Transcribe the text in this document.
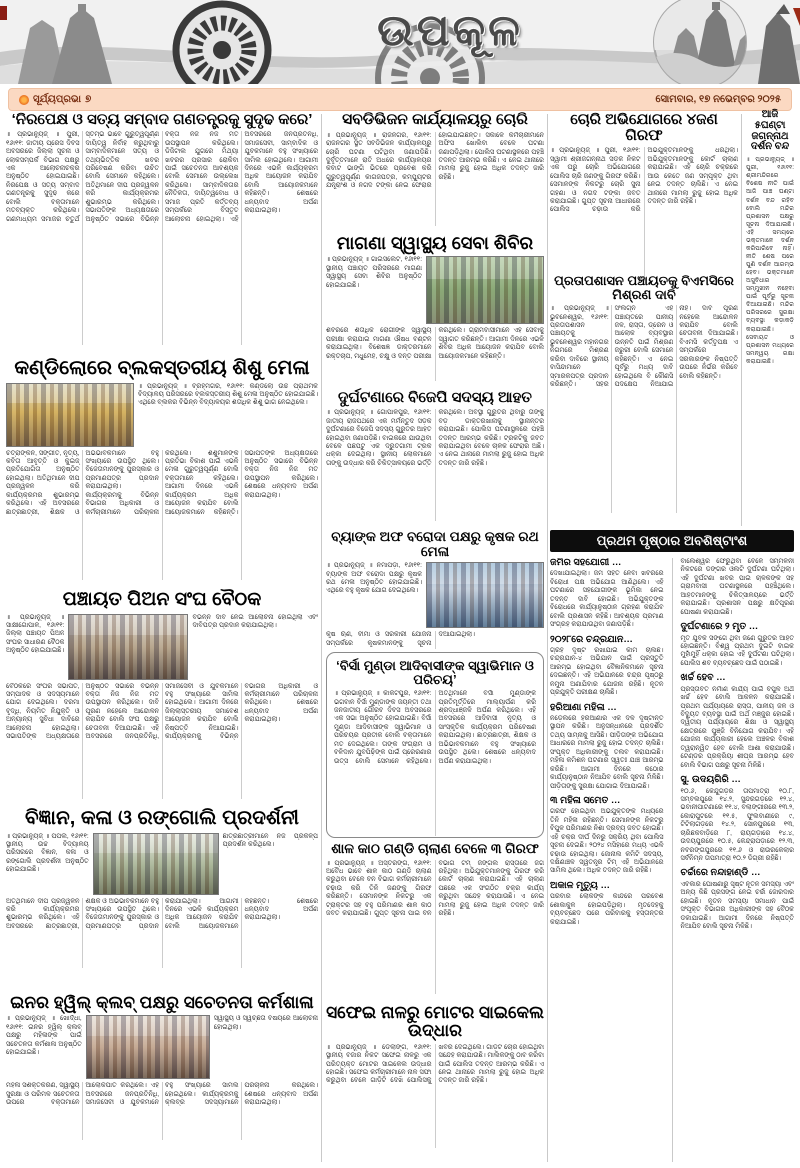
ଉପକୂଳ
ସୂର୍ଯ୍ୟପ୍ରଭା ୭	ସୋମବାର, ୧୭ ନଭେମ୍ବର ୨୦୨୫
‘ନିରପେକ୍ଷ ଓ ସତ୍ୟ ସମ୍ବାଦ ଗଣତନ୍ତ୍ରକୁ ସୁଦୃଢ କରେ’
॥ ପ୍ରଭାନ୍ୟୁଜ୍ ॥ ପୁରୀ, ୧୬ା୧୧: ଜାତୀୟ ପ୍ରେସ ଦିବସ ଅବସରରେ ଜିଲ୍ଲା ସୂଚନା ଓ ଲୋକସମ୍ପର୍କ ବିଭାଗ ପକ୍ଷରୁ ଏକ ଆଲୋଚନାଚକ୍ର ଅନୁଷ୍ଠିତ ହୋଇଯାଇଛି। ନିରପେକ୍ଷ ଓ ସତ୍ୟ ସମ୍ବାଦ ଗଣତନ୍ତ୍ରକୁ ସୁଦୃଢ କରେ ବୋଲି ବକ୍ତାମାନେ ମତବ୍ୟକ୍ତ କରିଥିଲେ। ଗଣମାଧ୍ୟମ ସମାଜର ଚତୁର୍ଥ ସ୍ତମ୍ଭ ଭାବେ ଗୁରୁତ୍ୱପୂର୍ଣ୍ଣ ଦାୟିତ୍ୱ ନିର୍ବାହ କରୁଥିବାରୁ ସାମ୍ବାଦିକମାନେ ସତ୍ୟ ଓ ତଥ୍ୟଭିତ୍ତିକ ଖବର ପରିବେଷଣ କରିବା ଉଚିତ ବୋଲି ସେମାନେ କହିଥିଲେ। ଅତିଥିମାନେ ଦୀପ ପ୍ରଜ୍ୱଳନ କରି କାର୍ଯ୍ୟକ୍ରମର ଶୁଭାରମ୍ଭ କରିଥିଲେ। ସଭାପତିଙ୍କ ଅଧ୍ୟକ୍ଷତାରେ ଅନୁଷ୍ଠିତ ସଭାରେ ବିଭିନ୍ନ ବକ୍ତା ନିଜ ନିଜ ମତ ଉପସ୍ଥାପନ କରିଥିଲେ। ଡିଜିଟାଲ ଯୁଗରେ ମିଥ୍ୟା ଖବରର ପ୍ରସାର ରୋକିବା ପାଇଁ ସଚେତନତା ଆବଶ୍ୟକ ବୋଲି ସେମାନେ ଉଲ୍ଲେଖ କରିଥିଲେ। ସାମ୍ବାଦିକତାର ନୈତିକତା, ଦାୟିତ୍ୱବୋଧ ଓ ସମାଜ ପ୍ରତି କର୍ତ୍ତବ୍ୟ ସମ୍ପର୍କରେ ବିସ୍ତୃତ ଆଲୋଚନା ହୋଇଥିଲା। ଏହି ଅବସରରେ ଜନପ୍ରତିନିଧି, ସମାଜସେବୀ, ସାମ୍ବାଦିକ ଓ ଯୁବକମାନେ ବହୁ ସଂଖ୍ୟାରେ ସାମିଲ ହୋଇଥିଲେ। ଆଗାମୀ ଦିନରେ ଏଭଳି କାର୍ଯ୍ୟକ୍ରମ ଅଧିକ ଆୟୋଜନ କରାଯିବ ବୋଲି ଆୟୋଜକମାନେ କହିଛନ୍ତି। ଶେଷରେ ଧନ୍ୟବାଦ ଅର୍ପଣ କରାଯାଇଥିଲା।
କଣ୍ଡିଲୋରେ ବ୍ଲକସ୍ତରୀୟ ଶିଶୁ ମେଳା
॥ ପ୍ରଭାନ୍ୟୁଜ୍ ॥ ବ୍ରହ୍ମଗିରି, ୧୬ା୧୧: କଣ୍ଡିଲୋ ଉଚ୍ଚ ପ୍ରାଥମିକ ବିଦ୍ୟାଳୟ ପରିସରରେ ବ୍ଲକସ୍ତରୀୟ ଶିଶୁ ମେଳା ଅନୁଷ୍ଠିତ ହୋଇଯାଇଛି। ଏଥିରେ ବ୍ଲକର ବିଭିନ୍ନ ବିଦ୍ୟାଳୟର ଶତାଧିକ ଶିଶୁ ଭାଗ ନେଇଥିଲେ।
ଚିତ୍ରାଙ୍କନ, ସଙ୍ଗୀତ, ନୃତ୍ୟ, କବିତା ଆବୃତ୍ତି ଓ କୁଇଜ୍ ପ୍ରତିଯୋଗିତା ଅନୁଷ୍ଠିତ ହୋଇଥିଲା। ଅତିଥିମାନେ ଦୀପ ପ୍ରଜ୍ୱଳନ କରି କାର୍ଯ୍ୟକ୍ରମର ଶୁଭାରମ୍ଭ କରିଥିଲେ। ଏହି ଅବସରରେ ଛାତ୍ରଛାତ୍ରୀ, ଶିକ୍ଷକ ଓ ଅଭିଭାବକମାନେ ବହୁ ସଂଖ୍ୟାରେ ଉପସ୍ଥିତ ଥିଲେ। ବିଜେତାମାନଙ୍କୁ ପୁରସ୍କାର ଓ ପ୍ରମାଣପତ୍ର ପ୍ରଦାନ କରାଯାଇଥିଲା। କାର୍ଯ୍ୟକ୍ରମକୁ ବିଭିନ୍ନ ବିଭାଗର ଅଧିକାରୀ ଓ କର୍ମଚାରୀମାନେ ପରିଚାଳନା କରିଥିଲେ। ଶିଶୁମାନଙ୍କ ପ୍ରତିଭା ବିକାଶ ପାଇଁ ଏଭଳି ମେଳା ଗୁରୁତ୍ୱପୂର୍ଣ୍ଣ ବୋଲି ବକ୍ତାମାନେ କହିଥିଲେ। ଆଗାମୀ ଦିନରେ ଏଭଳି କାର୍ଯ୍ୟକ୍ରମ ଅଧିକ ଆୟୋଜନ କରାଯିବ ବୋଲି ଆୟୋଜକମାନେ କହିଛନ୍ତି। ସଭାପତିଙ୍କ ଅଧ୍ୟକ୍ଷତାରେ ଅନୁଷ୍ଠିତ ସଭାରେ ବିଭିନ୍ନ ବକ୍ତା ନିଜ ନିଜ ମତ ଉପସ୍ଥାପନ କରିଥିଲେ। ଶେଷରେ ଧନ୍ୟବାଦ ଅର୍ପଣ କରାଯାଇଥିଲା।
ପଞ୍ଚାୟତ ପିଅନ ସଂଘ ବୈଠକ
॥ ପ୍ରଭାନ୍ୟୁଜ୍ ॥ ସାକ୍ଷୀଗୋପାଳ, ୧୬ା୧୧: ଜିଲ୍ଲା ପଞ୍ଚାୟତ ପିଅନ ସଂଘର ସାଧାରଣ ବୈଠକ ଅନୁଷ୍ଠିତ ହୋଇଯାଇଛି।
ବିଭିନ୍ନ ଦାବି ନେଇ ଆଲୋଚନା ହୋଇଥିଲା ଏବଂ ଦାବିପତ୍ର ପ୍ରଦାନ କରାଯାଇଥିଲା।
ବୈଠକରେ ସଂଘର ସଭାପତି, ସମ୍ପାଦକ ଓ ସଦସ୍ୟମାନେ ଯୋଗ ଦେଇଥିଲେ। ଦରମା ବୃଦ୍ଧି, ନିୟମିତ ନିଯୁକ୍ତି ଓ ଅନ୍ୟାନ୍ୟ ସୁବିଧା ଦାବିରେ ଆଲୋଚନା ହୋଇଥିଲା। ସଭାପତିଙ୍କ ଅଧ୍ୟକ୍ଷତାରେ ଅନୁଷ୍ଠିତ ସଭାରେ ବିଭିନ୍ନ ବକ୍ତା ନିଜ ନିଜ ମତ ଉପସ୍ଥାପନ କରିଥିଲେ। ଦାବି ପୂରଣ ନହେଲେ ଆନ୍ଦୋଳନ କରାଯିବ ବୋଲି ସଂଘ ପକ୍ଷରୁ ଚେତାବନୀ ଦିଆଯାଇଛି। ଏହି ଅବସରରେ ଜନପ୍ରତିନିଧି, ସମାଜସେବୀ ଓ ଯୁବକମାନେ ବହୁ ସଂଖ୍ୟାରେ ସାମିଲ ହୋଇଥିଲେ। ଆଗାମୀ ଦିନରେ ଜିଲ୍ଲାସ୍ତରୀୟ ସମାବେଶ ଆୟୋଜନ କରାଯିବ ବୋଲି ନିଷ୍ପତ୍ତି ନିଆଯାଇଛି। କାର୍ଯ୍ୟକ୍ରମକୁ ବିଭିନ୍ନ ବିଭାଗର ଅଧିକାରୀ ଓ କର୍ମଚାରୀମାନେ ପରିଚାଳନା କରିଥିଲେ। ଶେଷରେ ଧନ୍ୟବାଦ ଅର୍ପଣ କରାଯାଇଥିଲା।
ବିଜ୍ଞାନ, କଳା ଓ ରଙ୍ଗୋଲି ପ୍ରଦର୍ଶନୀ
॥ ପ୍ରଭାନ୍ୟୁଜ୍ ॥ ପିପିଲି, ୧୬ା୧୧: ସ୍ଥାନୀୟ ଉଚ୍ଚ ବିଦ୍ୟାଳୟ ପରିସରରେ ବିଜ୍ଞାନ, କଳା ଓ ରଙ୍ଗୋଲି ପ୍ରଦର୍ଶନୀ ଅନୁଷ୍ଠିତ ହୋଇଯାଇଛି।
ଛାତ୍ରଛାତ୍ରୀମାନେ ନିଜ ପ୍ରକଳ୍ପ ପ୍ରଦର୍ଶନ କରିଥିଲେ।
ଅତିଥିମାନେ ଦୀପ ପ୍ରଜ୍ୱଳନ କରି କାର୍ଯ୍ୟକ୍ରମର ଶୁଭାରମ୍ଭ କରିଥିଲେ। ଏହି ଅବସରରେ ଛାତ୍ରଛାତ୍ରୀ, ଶିକ୍ଷକ ଓ ଅଭିଭାବକମାନେ ବହୁ ସଂଖ୍ୟାରେ ଉପସ୍ଥିତ ଥିଲେ। ବିଜେତାମାନଙ୍କୁ ପୁରସ୍କାର ଓ ପ୍ରମାଣପତ୍ର ପ୍ରଦାନ କରାଯାଇଥିଲା। ଆଗାମୀ ଦିନରେ ଏଭଳି କାର୍ଯ୍ୟକ୍ରମ ଅଧିକ ଆୟୋଜନ କରାଯିବ ବୋଲି ଆୟୋଜକମାନେ କହିଛନ୍ତି। ଶେଷରେ ଧନ୍ୟବାଦ ଅର୍ପଣ କରାଯାଇଥିଲା।
ଇନର ହ୍ୱିଲ୍ କ୍ଲବ୍ ପକ୍ଷରୁ ସଚେତନତା କର୍ମଶାଳା
॥ ପ୍ରଭାନ୍ୟୁଜ୍ ॥ ଖୋର୍ଦ୍ଧା, ୧୬ା୧୧: ଇନର ହ୍ୱିଲ୍ କ୍ଲବ୍ ପକ୍ଷରୁ ମହିଳାଙ୍କ ପାଇଁ ସଚେତନତା କର୍ମଶାଳା ଅନୁଷ୍ଠିତ ହୋଇଯାଇଛି।
ସ୍ୱାସ୍ଥ୍ୟ ଓ ସ୍ୱଚ୍ଛତା ବିଷୟରେ ଆଲୋଚନା ହୋଇଥିଲା।
ମହିଳା ସଶକ୍ତିକରଣ, ସ୍ୱାସ୍ଥ୍ୟ ସୁରକ୍ଷା ଓ ପରିମଳ ସଚେତନତା ଉପରେ ବକ୍ତାମାନେ ଆଲୋକପାତ କରିଥିଲେ। ଏହି ଅବସରରେ ଜନପ୍ରତିନିଧି, ସମାଜସେବୀ ଓ ଯୁବକମାନେ ବହୁ ସଂଖ୍ୟାରେ ସାମିଲ ହୋଇଥିଲେ। କାର୍ଯ୍ୟକ୍ରମକୁ କ୍ଲବ୍‌ର ସଦସ୍ୟାମାନେ ପରିଚାଳନା କରିଥିଲେ। ଶେଷରେ ଧନ୍ୟବାଦ ଅର୍ପଣ କରାଯାଇଥିଲା।
ସବଡିଭିଜନ କାର୍ଯ୍ୟାଳୟରୁ ଚୋରି
॥ ପ୍ରଭାନ୍ୟୁଜ୍ ॥ ରାଜନଗର, ୧୬ା୧୧: ରାଜନଗର ସ୍ଥିତ ସବଡିଭିଜନ କାର୍ଯ୍ୟାଳୟରୁ ଚୋରି ଘଟଣା ଘଟିଥିବା ଜଣାପଡ଼ିଛି। ଦୁର୍ବୃତ୍ତମାନେ ରାତି ଅଧରେ କାର୍ଯ୍ୟାଳୟର କବାଟ ଭାଙ୍ଗି ଭିତରେ ପ୍ରବେଶ କରି ଗୁରୁତ୍ୱପୂର୍ଣ୍ଣ କାଗଜପତ୍ର, କମ୍ପ୍ୟୁଟର ଯନ୍ତ୍ରାଂଶ ଓ ନଗଦ ଟଙ୍କା ନେଇ ଫେରାର ହୋଇଯାଇଛନ୍ତି। ସକାଳେ କର୍ମଚାରୀମାନେ ଅଫିସ ଖୋଲିବା ବେଳେ ଘଟଣା ଜଣାପଡ଼ିଥିଲା। ପୋଲିସ ଘଟଣାସ୍ଥଳରେ ପହଞ୍ଚି ତଦନ୍ତ ଆରମ୍ଭ କରିଛି। ଏ ନେଇ ଥାନାରେ ମାମଲା ରୁଜୁ ହୋଇ ଅଧିକ ତଦନ୍ତ ଜାରି ରହିଛି।
ମାଗଣା ସ୍ୱାସ୍ଥ୍ୟ ସେବା ଶିବିର
॥ ପ୍ରଭାନ୍ୟୁଜ୍ ॥ ଗାଇସଲେଟ, ୧୬ା୧୧: ସ୍ଥାନୀୟ ପଞ୍ଚାୟତ ପରିସରରେ ମାଗଣା ସ୍ୱାସ୍ଥ୍ୟ ସେବା ଶିବିର ଅନୁଷ୍ଠିତ ହୋଇଯାଇଛି।
ଶିବିରରେ ଶତାଧିକ ରୋଗୀଙ୍କ ସ୍ୱାସ୍ଥ୍ୟ ପରୀକ୍ଷା କରାଯାଇ ମାଗଣା ଔଷଧ ବଣ୍ଟନ କରାଯାଇଥିଲା। ବିଶେଷଜ୍ଞ ଡାକ୍ତରମାନେ ରକ୍ତଚାପ, ମଧୁମେହ, ଚକ୍ଷୁ ଓ ଦନ୍ତ ପରୀକ୍ଷା କରିଥିଲେ। ଗ୍ରାମବାସୀମାନେ ଏହି ସେବାକୁ ସ୍ୱାଗତ କରିଛନ୍ତି। ଆଗାମୀ ଦିନରେ ଏଭଳି ଶିବିର ଅଧିକ ଆୟୋଜନ କରାଯିବ ବୋଲି ଆୟୋଜକମାନେ କହିଛନ୍ତି।
ଦୁର୍ଘଟଣାରେ ବିଜେପି ସଦସ୍ୟ ଆହତ
॥ ପ୍ରଭାନ୍ୟୁଜ୍ ॥ ଗୋପାଳପୁର, ୧୬ା୧୧: ଜାତୀୟ ରାଜପଥରେ ଏକ ମର୍ମନ୍ତୁଦ ସଡ଼କ ଦୁର୍ଘଟଣାରେ ବିଜେପି ସଦସ୍ୟ ଗୁରୁତର ଆହତ ହୋଇଥିବା ଜଣାପଡ଼ିଛି। ବାଇକରେ ଯାଉଥିବା ବେଳେ ପଛପଟୁ ଏକ ଦ୍ରୁତଗାମୀ ଟ୍ରକ ଧକ୍କା ଦେଇଥିଲା। ସ୍ଥାନୀୟ ଲୋକମାନେ ତାଙ୍କୁ ଉଦ୍ଧାର କରି ଚିକିତ୍ସାଳୟରେ ଭର୍ତ୍ତି କରିଥିଲେ। ଅବସ୍ଥା ଗୁରୁତର ଥିବାରୁ ତାଙ୍କୁ ବଡ଼ ଡାକ୍ତରଖାନାକୁ ସ୍ଥାନାନ୍ତର କରାଯାଇଛି। ପୋଲିସ ଘଟଣାସ୍ଥଳରେ ପହଞ୍ଚି ତଦନ୍ତ ଆରମ୍ଭ କରିଛି। ଟ୍ରକଟିକୁ ଜବତ କରାଯାଇଥିବା ବେଳେ ଚାଳକ ଫେରାର ଅଛି। ଏ ନେଇ ଥାନାରେ ମାମଲା ରୁଜୁ ହୋଇ ଅଧିକ ତଦନ୍ତ ଜାରି ରହିଛି।
ବ୍ୟାଙ୍କ ଅଫ ବରୋଦା ପକ୍ଷରୁ କୃଷକ ରଥ ମେଳା
॥ ପ୍ରଭାନ୍ୟୁଜ୍ ॥ ନିମାପଡ଼ା, ୧୬ା୧୧: ବ୍ୟାଙ୍କ ଅଫ ବରୋଦା ପକ୍ଷରୁ କୃଷକ ରଥ ମେଳା ଅନୁଷ୍ଠିତ ହୋଇଯାଇଛି। ଏଥିରେ ବହୁ କୃଷକ ଯୋଗ ଦେଇଥିଲେ।
କୃଷି ଋଣ, ବୀମା ଓ ସରକାରୀ ଯୋଜନା ସମ୍ପର୍କରେ କୃଷକମାନଙ୍କୁ ସୂଚନା ଦିଆଯାଇଥିଲା।
‘ବିର୍ସା ମୁଣ୍ଡା ଆଦିବାସୀଙ୍କ ସ୍ୱାଭିମାନ ଓ ପରିଚୟ’
॥ ପ୍ରଭାନ୍ୟୁଜ୍ ॥ କାକଟପୁର, ୧୬ା୧୧: ଭଗବାନ ବିର୍ସା ମୁଣ୍ଡାଙ୍କ ଜୟନ୍ତୀ ତଥା ଜନଜାତୀୟ ଗୌରବ ଦିବସ ଅବସରରେ ଏକ ସଭା ଅନୁଷ୍ଠିତ ହୋଇଯାଇଛି। ବିର୍ସା ମୁଣ୍ଡା ଆଦିବାସୀଙ୍କ ସ୍ୱାଭିମାନ ଓ ପରିଚୟର ପ୍ରତୀକ ବୋଲି ବକ୍ତାମାନେ ମତ ଦେଇଥିଲେ। ତାଙ୍କ ସଂଗ୍ରାମ ଓ ବଳିଦାନ ଯୁବପିଢ଼ିଙ୍କ ପାଇଁ ପ୍ରେରଣାର ଉତ୍ସ ବୋଲି ସେମାନେ କହିଥିଲେ। ଅତିଥିମାନେ ବିର୍ସା ମୁଣ୍ଡାଙ୍କ ପ୍ରତିମୂର୍ତ୍ତିରେ ମାଲ୍ୟାର୍ପଣ କରି ଶ୍ରଦ୍ଧାଞ୍ଜଳି ଅର୍ପଣ କରିଥିଲେ। ଏହି ଅବସରରେ ଆଦିବାସୀ ନୃତ୍ୟ ଓ ସାଂସ୍କୃତିକ କାର୍ଯ୍ୟକ୍ରମ ପରିବେଷଣ କରାଯାଇଥିଲା। ଛାତ୍ରଛାତ୍ରୀ, ଶିକ୍ଷକ ଓ ଅଭିଭାବକମାନେ ବହୁ ସଂଖ୍ୟାରେ ଉପସ୍ଥିତ ଥିଲେ। ଶେଷରେ ଧନ୍ୟବାଦ ଅର୍ପଣ କରାଯାଇଥିଲା।
ଶାଳ କାଠ ଗଣ୍ଡି ଚାଲାଣ ବେଳେ ୩ ଗିରଫ
॥ ପ୍ରଭାନ୍ୟୁଜ୍ ॥ ଅସ୍ତରଙ୍ଗ, ୧୬ା୧୧: ଅବୈଧ ଭାବେ ଶାଳ କାଠ ଗଣ୍ଡି ଚାଲାଣ କରୁଥିବା ବେଳେ ବନ ବିଭାଗ କର୍ମଚାରୀମାନେ ଚଢ଼ାଉ କରି ତିନି ଜଣଙ୍କୁ ଗିରଫ କରିଛନ୍ତି। ସେମାନଙ୍କ ନିକଟରୁ ଏକ ଟ୍ରାକ୍ଟର ସହ ବହୁ ପରିମାଣର ଶାଳ କାଠ ଜବତ କରାଯାଇଛି। ଗୁପ୍ତ ସୂଚନା ପାଇ ବନ ବିଭାଗ ଟିମ୍ ଜଙ୍ଗଲ ରାସ୍ତାରେ ଜଗି ରହିଥିଲା। ଅଭିଯୁକ୍ତମାନଙ୍କୁ ଗିରଫ କରି କୋର୍ଟ ଚାଲାଣ କରାଯାଇଛି। ଏହି ଚାଲାଣ ପଛରେ ଏକ ସଂଗଠିତ ଚକ୍ର କାର୍ଯ୍ୟ କରୁଥିବା ସନ୍ଦେହ କରାଯାଉଛି। ଏ ନେଇ ମାମଲା ରୁଜୁ ହୋଇ ଅଧିକ ତଦନ୍ତ ଜାରି ରହିଛି।
ସଫେଇ ନାଳରୁ ମୋଟର ସାଇକେଲ ଉଦ୍ଧାର
॥ ପ୍ରଭାନ୍ୟୁଜ୍ ॥ ଡେଲାଙ୍ଗ, ୧୬ା୧୧: ସ୍ଥାନୀୟ ବଜାର ନିକଟ ସଫେଇ ନାଳରୁ ଏକ ପରିତ୍ୟକ୍ତ ମୋଟର ସାଇକେଲ ଉଦ୍ଧାର ହୋଇଛି। ସଫେଇ କର୍ମଚାରୀମାନେ ନାଳ ସଫା କରୁଥିବା ବେଳେ ଗାଡ଼ିଟି ଦେଖି ପୋଲିସକୁ ଖବର ଦେଇଥିଲେ। ଗାଡ଼ିଟି ଚୋରି ହୋଇଥିବା ସନ୍ଦେହ କରାଯାଉଛି। ମାଲିକଙ୍କୁ ଠାବ କରିବା ପାଇଁ ପୋଲିସ ତଦନ୍ତ ଆରମ୍ଭ କରିଛି। ଏ ନେଇ ଥାନାରେ ମାମଲା ରୁଜୁ ହୋଇ ଅଧିକ ତଦନ୍ତ ଜାରି ରହିଛି।
ଚୋରି ଅଭିଯୋଗରେ ୪ଜଣ ଗିରଫ
॥ ପ୍ରଭାନ୍ୟୁଜ୍ ॥ ପୁରୀ, ୧୬ା୧୧: ସ୍ୱାମୀ ଶ୍ରୀଜଗନ୍ନାଥ ସଡ଼କ ନିକଟ ଏକ ଘରୁ ଚୋରି ଅଭିଯୋଗରେ ପୋଲିସ ଚାରି ଜଣଙ୍କୁ ଗିରଫ କରିଛି। ସେମାନଙ୍କ ନିକଟରୁ ଚୋରି ସୁନା ଗହଣା ଓ ନଗଦ ଟଙ୍କା ଜବତ କରାଯାଇଛି। ଗୁପ୍ତ ସୂଚନା ଆଧାରରେ ପୋଲିସ ଚଢ଼ାଉ କରି ଅଭିଯୁକ୍ତମାନଙ୍କୁ ଧରିଥିଲା। ଅଭିଯୁକ୍ତମାନଙ୍କୁ କୋର୍ଟ ଚାଲାଣ କରାଯାଇଛି। ଏହି ଚୋରି ଚକ୍ରରେ ଆଉ କେତେ ଜଣ ସମ୍ପୃକ୍ତ ଥିବା ନେଇ ତଦନ୍ତ ଚାଲିଛି। ଏ ନେଇ ଥାନାରେ ମାମଲା ରୁଜୁ ହୋଇ ଅଧିକ ତଦନ୍ତ ଜାରି ରହିଛି।
ଆଜି ୫ଘଣ୍ଟା ଜଗନ୍ନାଥ ଦର୍ଶନ ବନ୍ଦ
॥ ପ୍ରଭାନ୍ୟୁଜ୍ ॥ ପୁରୀ, ୧୬ା୧୧: ଶ୍ରୀମନ୍ଦିରରେ ବିଶେଷ ନୀତି ପାଇଁ ଆଜି ପାଞ୍ଚ ଘଣ୍ଟା ଦର୍ଶନ ବନ୍ଦ ରହିବ ବୋଲି ମନ୍ଦିର ପ୍ରଶାସନ ପକ୍ଷରୁ ସୂଚନା ଦିଆଯାଇଛି। ଏହି ସମୟରେ ଭକ୍ତମାନେ ଦର୍ଶନ କରିପାରିବେ ନାହିଁ। ନୀତି ଶେଷ ପରେ ପୁଣି ଦର୍ଶନ ଆରମ୍ଭ ହେବ। ଭକ୍ତମାନେ ଅସୁବିଧାର ସମ୍ମୁଖୀନ ନହେବା ପାଇଁ ପୂର୍ବରୁ ସୂଚନା ଦିଆଯାଇଛି। ମନ୍ଦିର ପରିସରରେ ସୁରକ୍ଷା ବ୍ୟବସ୍ଥା କଡ଼ାକଡ଼ି କରାଯାଇଛି। ସେବାୟତ ଓ ପ୍ରଶାସନ ମଧ୍ୟରେ ସମନ୍ୱୟ ରକ୍ଷା କରାଯାଇଛି।
ପ୍ରତାପଶାସନ ପଞ୍ଚାୟତକୁ ବିଏମସିରେ ମିଶ୍ରଣ ଦାବି
॥ ପ୍ରଭାନ୍ୟୁଜ୍ ॥ ଭୁବନେଶ୍ୱର, ୧୬ା୧୧: ପ୍ରତାପଶାସନ ପଞ୍ଚାୟତକୁ ଭୁବନେଶ୍ୱର ମହାନଗର ନିଗମରେ ମିଶ୍ରଣ କରିବା ଦାବିରେ ସ୍ଥାନୀୟ ବାସିନ୍ଦାମାନେ ସ୍ମାରକପତ୍ର ପ୍ରଦାନ କରିଛନ୍ତି। ସହର ସଂଲଗ୍ନ ଏହି ପଞ୍ଚାୟତରେ ପାନୀୟ ଜଳ, ରାସ୍ତା, ଡ୍ରେନ ଓ ଆଲୋକ ବ୍ୟବସ୍ଥାର ଉନ୍ନତି ପାଇଁ ମିଶ୍ରଣ ଜରୁରୀ ବୋଲି ସେମାନେ କହିଛନ୍ତି। ଏ ନେଇ ପୂର୍ବରୁ ମଧ୍ୟ ଦାବି ହୋଇଥିଲେ ବି କୌଣସି ପଦକ୍ଷେପ ନିଆଯାଇ ନାହିଁ। ଦାବି ପୂରଣ ନହେଲେ ଆନ୍ଦୋଳନ କରାଯିବ ବୋଲି ଚେତାବନୀ ଦିଆଯାଇଛି। ବିଏମସି କର୍ତ୍ତୃପକ୍ଷ ଏ ସମ୍ପର୍କରେ ସରକାରଙ୍କ ନିଷ୍ପତ୍ତି ଉପରେ ନିର୍ଭର କରିବେ ବୋଲି କହିଛନ୍ତି।
ପ୍ରଥମ ପୃଷ୍ଠାର ଅବଶିଷ୍ଟାଂଶ
ଜମିର ସହଯୋଗୀ …
ଦେଖାଯାଇଥିଲା। ଜମି ସହିତ ନେବା ଖବରରେ ବିରୋଧୀ ପକ୍ଷ ଅଭିଯୋଗ ଆଣିଥିଲେ। ଏହି ଘଟଣାରେ ସହଯୋଗୀଙ୍କ ଭୂମିକା ନେଇ ତଦନ୍ତ ଦାବି ହୋଇଛି। ଅଭିଯୁକ୍ତଙ୍କ ବିରୋଧରେ କାର୍ଯ୍ୟାନୁଷ୍ଠାନ ଗ୍ରହଣ କରାଯିବ ବୋଲି ପ୍ରଶାସନ କହିଛି। ଆବଶ୍ୟକ ପ୍ରମାଣ ସଂଗ୍ରହ କରାଯାଉଥିବା ଜଣାପଡ଼ିଛି।
୨୦୨୮ରେ ଚନ୍ଦ୍ରଯାନ…
ଗ୍ରହ ଦୃଷ୍ଟି ରଖାଯାଇ କାମ ଚାଲିଛି। ଚନ୍ଦ୍ରଯାନ-୪ ଅଭିଯାନ ପାଇଁ ପ୍ରସ୍ତୁତି ଆରମ୍ଭ ହୋଇଥିବା ବୈଜ୍ଞାନିକମାନେ ସୂଚନା ଦେଇଛନ୍ତି। ଏହି ଅଭିଯାନରେ ଚନ୍ଦ୍ର ପୃଷ୍ଠରୁ ନମୁନା ଅଣାଯିବାର ଯୋଜନା ରହିଛି। ନୂତନ ପ୍ରଯୁକ୍ତି ପରୀକ୍ଷଣ ଚାଲିଛି।
ହରିଆଣା ମହିଳା …
ନଡ଼େଲରେ ହରିଆଣାର ଏକ ଦଳ ଦୃଷ୍ଟାନ୍ତ ସ୍ଥାପନ କରିଛି। ଅନୁସନ୍ଧାନରେ ପ୍ରଦର୍ଶିତ ତଥ୍ୟ ସାମ୍ନାକୁ ଆସିଛି। ପୀଡ଼ିତାଙ୍କ ଅଭିଯୋଗ ଆଧାରରେ ମାମଲା ରୁଜୁ ହୋଇ ତଦନ୍ତ ଚାଲିଛି। ସଂପୃକ୍ତ ଅଧିକାରୀଙ୍କୁ ତଲବ କରାଯାଇଛି। ମହିଳା କମିଶନ ଘଟଣାର ସ୍ୱତଃ ଯାଞ୍ଚ ଆରମ୍ଭ କରିଛି। ଆଗାମୀ ଦିନରେ କଠୋର କାର୍ଯ୍ୟାନୁଷ୍ଠାନ ନିଆଯିବ ବୋଲି ସୂଚନା ମିଳିଛି। ପୀଡ଼ିତାଙ୍କୁ ସୁରକ୍ଷା ଯୋଗାଇ ଦିଆଯାଇଛି।
୩ ମହିଳା ସମେତ …
ଗିରଫ ହୋଇଥିବା ଅଭିଯୁକ୍ତଙ୍କ ମଧ୍ୟରେ ତିନି ମହିଳା ରହିଛନ୍ତି। ସେମାନଙ୍କ ନିକଟରୁ ବିପୁଳ ପରିମାଣର ନିଶା ଦ୍ରବ୍ୟ ଜବତ ହୋଇଛି। ଏହି ଚକ୍ର ଦୀର୍ଘ ଦିନରୁ ସକ୍ରିୟ ଥିବା ପୋଲିସ ସୂଚନା ଦେଇଛି। ୨୦୨୪ ମସିହାରେ ମଧ୍ୟ ଏଭଳି ଚଢ଼ାଉ ହୋଇଥିଲା। ଜୋନାଲ କମିଟି ସଦସ୍ୟ, ଦକ୍ଷିଣାଞ୍ଚଳ ସ୍ୱତନ୍ତ୍ର ଟିମ୍ ଏହି ଅଭିଯାନରେ ସାମିଲ ଥିଲେ। ଅଧିକ ତଦନ୍ତ ଜାରି ରହିଛି।
ଅକାଳ ମୃତ୍ୟୁ …
ପରିବାର ଲୋକଙ୍କ କାନ୍ଦରେ ପରିବେଶ ଶୋକାକୁଳ ହୋଇପଡ଼ିଥିଲା। ମୃତଦେହକୁ ବ୍ୟବଚ୍ଛେଦ ପରେ ପରିବାରକୁ ହସ୍ତାନ୍ତର କରାଯାଇଛି।
ବାଲେଶ୍ୱର ଫେରୁଥିବା ବେଳେ ସମ୍ମିଳନୀ ନିକଟରେ ଡଙ୍ଗର ଓଲଟି ଦୁର୍ଘଟଣା ଘଟିଥିଲା। ଏହି ଦୁର୍ଘଟଣା ଖବର ପାଇ ଚାଳକଙ୍କ ସହ ଗ୍ରାମବାସୀ ଘଟଣାସ୍ଥଳରେ ପହଞ୍ଚିଥିଲେ। ଆହତମାନଙ୍କୁ ଚିକିତ୍ସାଳୟରେ ଭର୍ତ୍ତି କରାଯାଇଛି। ପ୍ରଶାସନ ପକ୍ଷରୁ କ୍ଷତିପୂରଣ ଘୋଷଣା କରାଯାଇଛି।
ଦୁର୍ଘଟଣାରେ ୨ ମୃତ …
ମୃତ ଯୁବକ ସଙ୍ଗେ ଥିବା ଜଣେ ଗୁରୁତର ଆହତ ହୋଇଛନ୍ତି। ବିଶ୍ୱ ପ୍ରଥମ ଦୁଇଟି ବାଇକ ମୁହାଁମୁହିଁ ଧକ୍କା ହୋଇ ଏହି ଦୁର୍ଘଟଣା ଘଟିଥିଲା। ପୋଲିସ ଶବ ବ୍ୟବଚ୍ଛେଦ ପାଇଁ ପଠାଇଛି।
ଖର୍ଚ୍ଚ ହେବ …
ପ୍ରସ୍ତାବିତ ନିର୍ମାଣ କାର୍ଯ୍ୟ ପାଇଁ ବିପୁଳ ଅର୍ଥ ଖର୍ଚ୍ଚ ହେବ ବୋଲି ଆକଳନ କରାଯାଇଛି। ପ୍ରଥମ ପର୍ଯ୍ୟାୟରେ ରାସ୍ତା, ପାନୀୟ ଜଳ ଓ ବିଦ୍ୟୁତ ବ୍ୟବସ୍ଥା ପାଇଁ ଅର୍ଥ ମଞ୍ଜୁର ହୋଇଛି। ଦ୍ୱିତୀୟ ପର୍ଯ୍ୟାୟରେ ଶିକ୍ଷା ଓ ସ୍ୱାସ୍ଥ୍ୟ କ୍ଷେତ୍ରରେ ପୁଞ୍ଜି ବିନିଯୋଗ କରାଯିବ। ଏହି ଯୋଜନା କାର୍ଯ୍ୟକାରୀ ହେଲେ ଅଞ୍ଚଳର ବିକାଶ ତ୍ୱରାନ୍ୱିତ ହେବ ବୋଲି ଆଶା କରାଯାଉଛି। ଟେଣ୍ଡର ପ୍ରକ୍ରିୟା ଶୀଘ୍ର ଆରମ୍ଭ ହେବ ବୋଲି ବିଭାଗ ପକ୍ଷରୁ ସୂଚନା ମିଳିଛି।
ସୁ. ଉଦୟଗିରି …
୧୦.୬, କେନ୍ଦୁଗଡ଼ର ତାପମାତ୍ରା ୧୦.୮, ସମ୍ବଲପୁରେ ୧୪.୨, ସୁନ୍ଦରଗଡ଼ରେ ୧୨.୪, ଭବାନୀପାଟଣାରେ ୧୧.୪, ବଲାଙ୍ଗୀରରେ ୧୩.୨, କୋରାପୁଟରେ ୧୧.୫, ଫୁଲବାଣୀରେ ୯, ଟିଟିଲାଗଡ଼ରେ ୧୪.୨, ସୋନପୁରରେ ୧୩, ଚାରିଛକବାଡ଼ିରେ ୮, ରାୟଗଡ଼ାରେ ୧୪.୪, ଉଦୟପୁରରେ ୧୦.୫, କେନ୍ଦ୍ରାପଡ଼ାରେ ୧୨.୩, ନବରଙ୍ଗପୁରରେ ୧୧.୬ ଓ ରାଉରକେଲାର ସର୍ବନିମ୍ନ ତାପମାତ୍ରା ୧୦.୨ ଡିଗ୍ରୀ ରହିଛି।
ଚର୍ଚ୍ଚାରେ ନନ୍ଦାହାଣ୍ଡି …
ଏବକାର ଘୋଷଣାରୁ ସୃଷ୍ଟି ନୂତନ ସମସ୍ୟା ଏବଂ ଅନ୍ୟ କିଛି ପ୍ରସଙ୍ଗ ନେଇ ଚର୍ଚ୍ଚା ଜୋରଦାର ହୋଇଛି। ନୂତନ ସମସ୍ୟା ସମାଧାନ ପାଇଁ ସଂପୃକ୍ତ ବିଭାଗର ଅଧିକାରୀଙ୍କ ସହ ବୈଠକ ଡକାଯାଇଛି। ଆଗାମୀ ଦିନରେ ନିଷ୍ପତ୍ତି ନିଆଯିବ ବୋଲି ସୂଚନା ମିଳିଛି।
